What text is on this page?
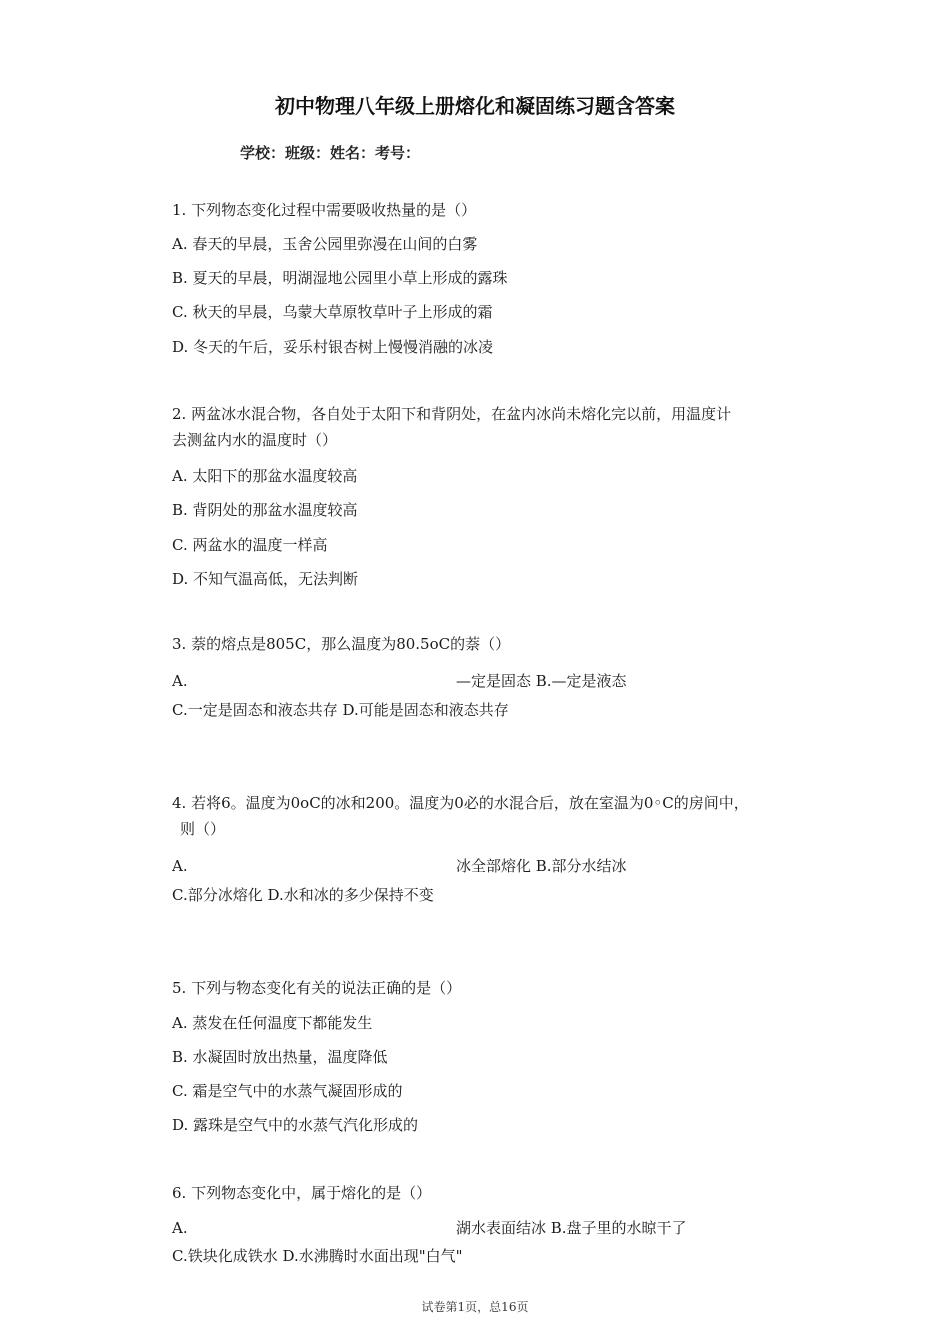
初中物理八年级上册熔化和凝固练习题含答案
学校：班级：姓名：考号：
1. 下列物态变化过程中需要吸收热量的是（）
A. 春天的早晨，玉舍公园里弥漫在山间的白雾
B. 夏天的早晨，明湖湿地公园里小草上形成的露珠
C. 秋天的早晨，乌蒙大草原牧草叶子上形成的霜
D. 冬天的午后，妥乐村银杏树上慢慢消融的冰凌
2. 两盆冰水混合物，各自处于太阳下和背阴处，在盆内冰尚未熔化完以前，用温度计
去测盆内水的温度时（）
A. 太阳下的那盆水温度较高
B. 背阴处的那盆水温度较高
C. 两盆水的温度一样高
D. 不知气温高低，无法判断
3. 萘的熔点是805C，那么温度为80.5oC的萘（）
A.	—定是固态 B.—定是液态
C.一定是固态和液态共存 D.可能是固态和液态共存
4. 若将6。温度为0oC的冰和200。温度为0必的水混合后，放在室温为0◦C的房间中，
则（）
A.	冰全部熔化 B.部分水结冰
C.部分冰熔化 D.水和冰的多少保持不变
5. 下列与物态变化有关的说法正确的是（）
A. 蒸发在任何温度下都能发生
B. 水凝固时放出热量，温度降低
C. 霜是空气中的水蒸气凝固形成的
D. 露珠是空气中的水蒸气汽化形成的
6. 下列物态变化中，属于熔化的是（）
A.	湖水表面结冰 B.盘子里的水晾干了
C.铁块化成铁水 D.水沸腾时水面出现"白气"
试卷第1页，总16页
